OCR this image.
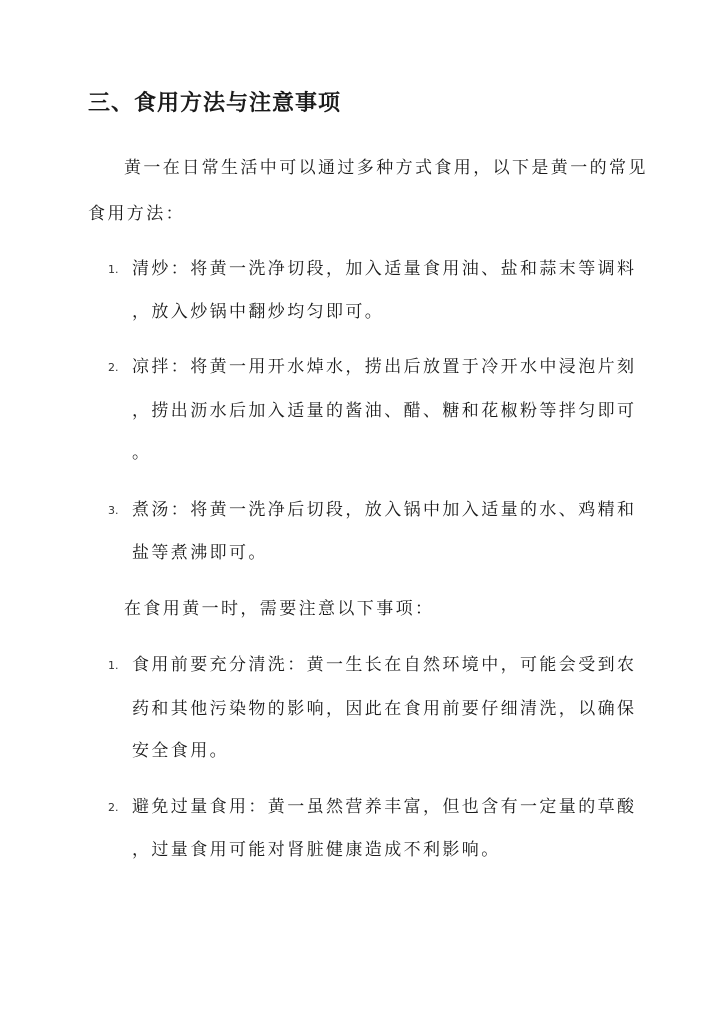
三、食用方法与注意事项
黄一在日常生活中可以通过多种方式食用，以下是黄一的常见
食用方法：
1. 清炒：将黄一洗净切段，加入适量食用油、盐和蒜末等调料
，放入炒锅中翻炒均匀即可。
2. 凉拌：将黄一用开水焯水，捞出后放置于冷开水中浸泡片刻
，捞出沥水后加入适量的酱油、醋、糖和花椒粉等拌匀即可
。
3. 煮汤：将黄一洗净后切段，放入锅中加入适量的水、鸡精和
盐等煮沸即可。
在食用黄一时，需要注意以下事项：
1. 食用前要充分清洗：黄一生长在自然环境中，可能会受到农
药和其他污染物的影响，因此在食用前要仔细清洗，以确保
安全食用。
2. 避免过量食用：黄一虽然营养丰富，但也含有一定量的草酸
，过量食用可能对肾脏健康造成不利影响。
